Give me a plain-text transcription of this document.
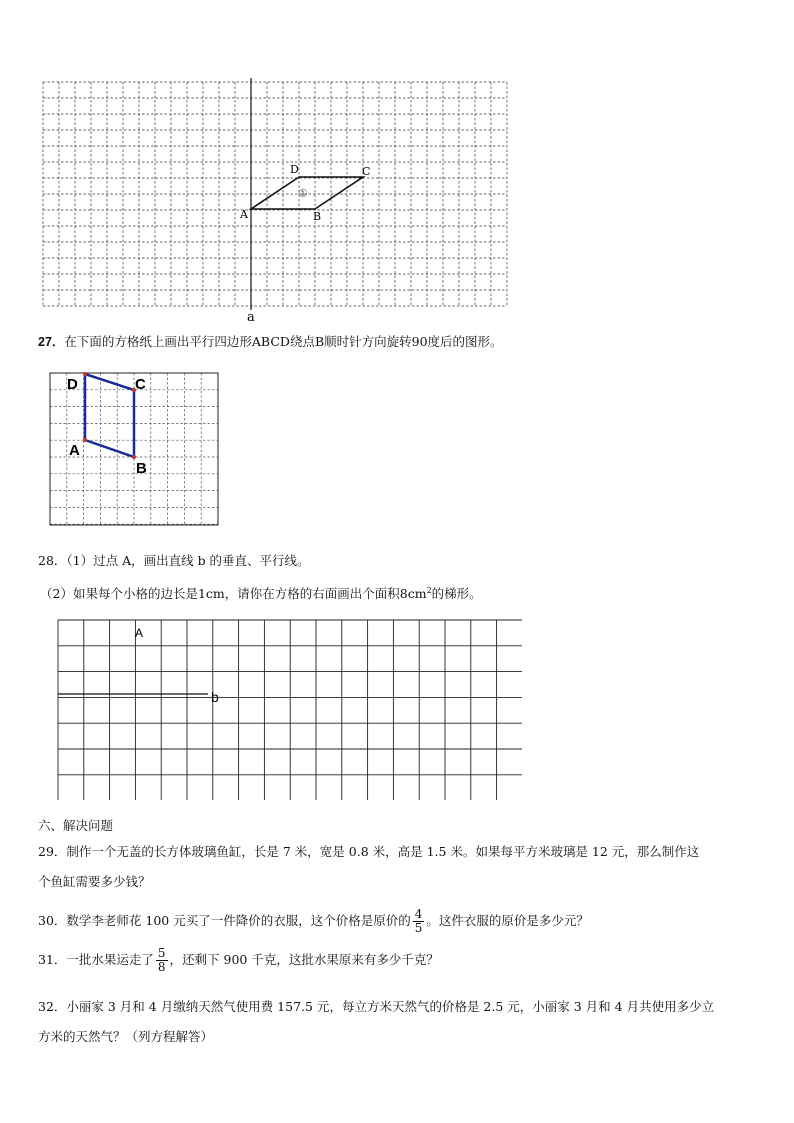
a
A	B
C
D
①
27．在下面的方格纸上画出平行四边形ABCD绕点B顺时针方向旋转90度后的图形。
A
B
C
D
28．（1）过点 A，画出直线 b 的垂直、平行线。
（2）如果每个小格的边长是1cm，请你在方格的右面画出个面积$8cm^2$的梯形。
A
b
六、解决问题
29．制作一个无盖的长方体玻璃鱼缸，长是 7 米，宽是 0.8 米，高是 1.5 米。如果每平方米玻璃是 12 元，那么制作这
个鱼缸需要多少钱？
30．数学李老师花 100 元买了一件降价的衣服，这个价格是原价的 $\frac{4}{5}$ 。这件衣服的原价是多少元？
31．一批水果运走了 $\frac{5}{8}$ ，还剩下 900 千克，这批水果原来有多少千克？
32．小丽家 3 月和 4 月缴纳天然气使用费 157.5 元，每立方米天然气的价格是 2.5 元，小丽家 3 月和 4 月共使用多少立
方米的天然气？（列方程解答）
